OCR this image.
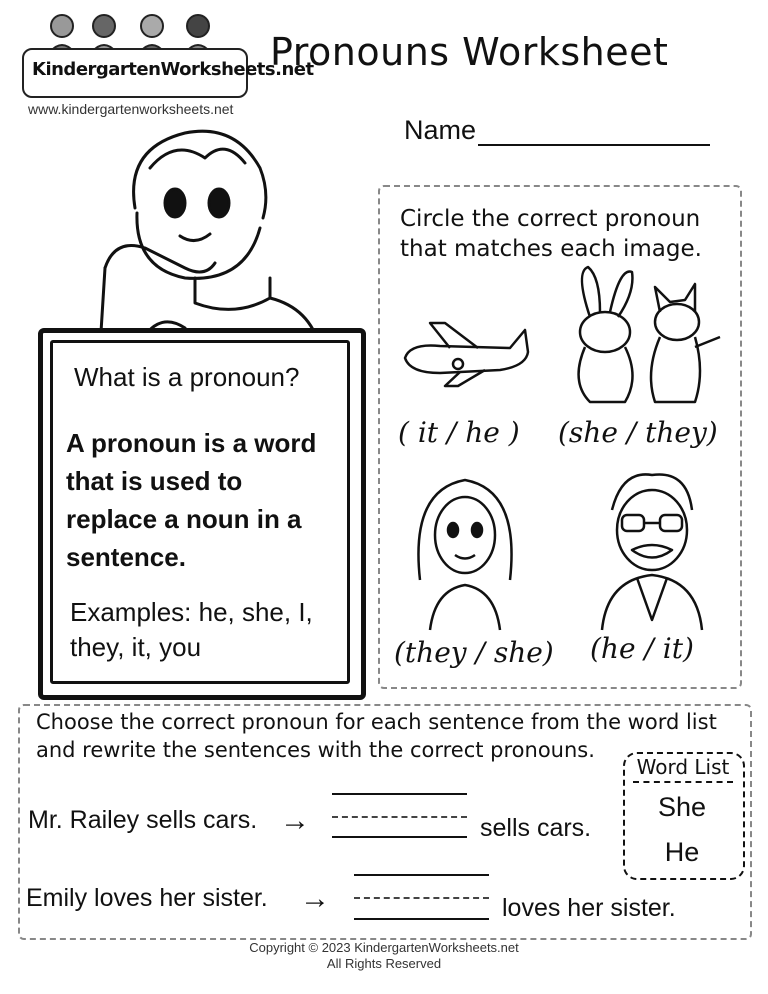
KindergartenWorksheets.net
Pronouns Worksheet
www.kindergartenworksheets.net
Name
What is a pronoun?
A pronoun is a word that is used to replace a noun in a sentence.
Examples: he, she, I, they, it, you
Circle the correct pronoun that matches each image.
( it / he ) (she / they)
(they / she) (he / it)
Choose the correct pronoun for each sentence from the word list and rewrite the sentences with the correct pronouns.
Word List
She
He
Mr. Railey sells cars. →	sells cars.
Emily loves her sister. →	loves her sister.
Copyright © 2023 KindergartenWorksheets.net
All Rights Reserved
